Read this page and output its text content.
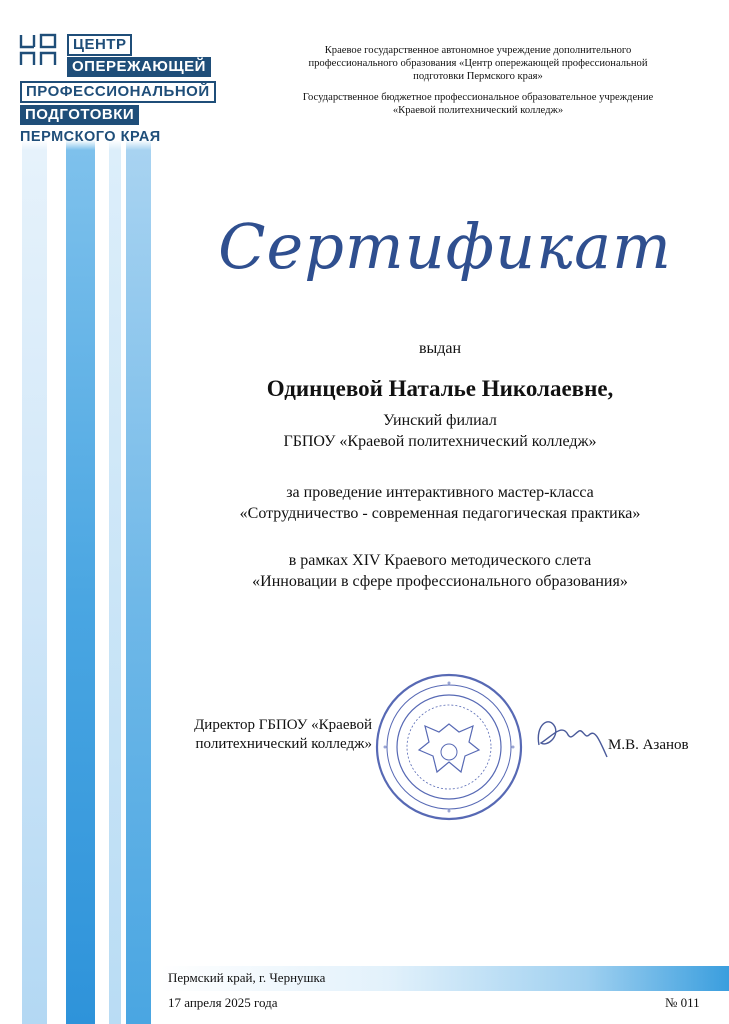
ЦЕНТР
ОПЕРЕЖАЮЩЕЙ
ПРОФЕССИОНАЛЬНОЙ
ПОДГОТОВКИ
ПЕРМСКОГО КРАЯ
Краевое государственное автономное учреждение дополнительного
профессионального образования «Центр опережающей профессиональной
подготовки Пермского края»
Государственное бюджетное профессиональное образовательное учреждение
«Краевой политехнический колледж»
Сертификат
выдан
Одинцевой Наталье Николаевне,
Уинский филиал
ГБПОУ «Краевой политехнический колледж»
за проведение интерактивного мастер-класса
«Сотрудничество - современная педагогическая практика»
в рамках XIV Краевого методического слета
«Инновации в сфере профессионального образования»
Директор ГБПОУ «Краевой
политехнический колледж»	М.В. Азанов
Пермский край, г. Чернушка
17 апреля 2025 года	№ 011
